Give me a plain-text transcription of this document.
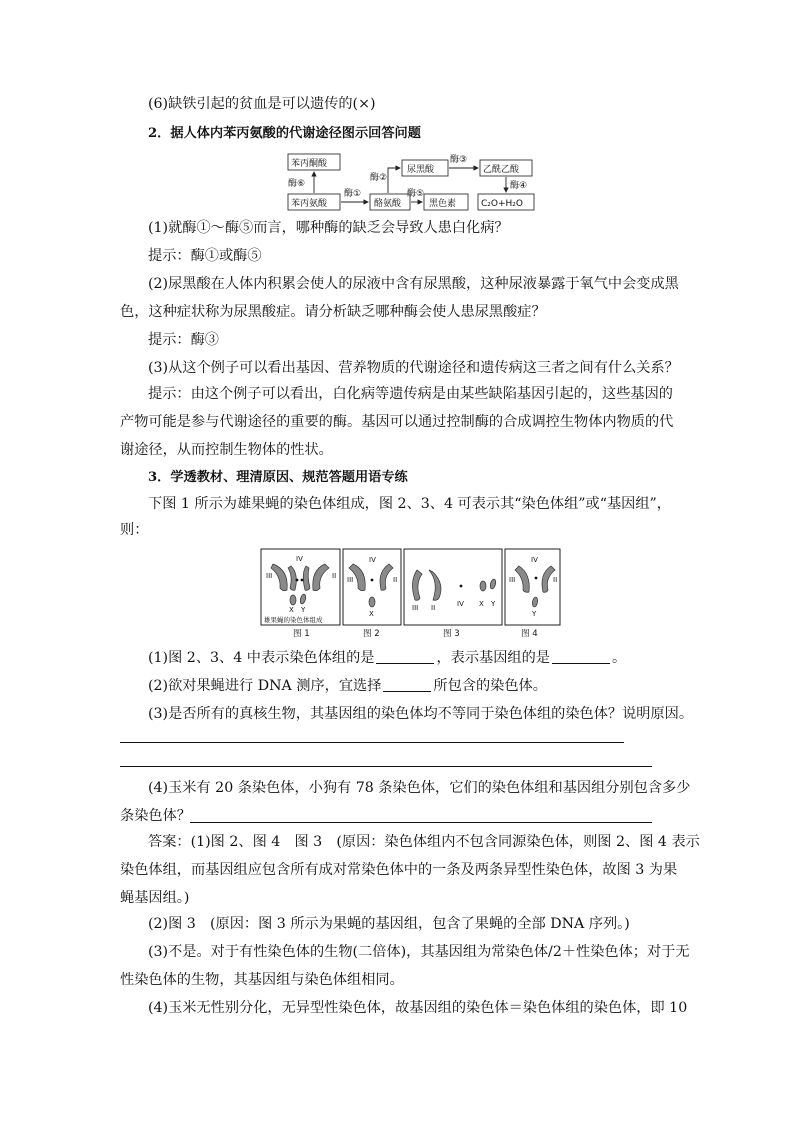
(6)缺铁引起的贫血是可以遗传的(×)
2．据人体内苯丙氨酸的代谢途径图示回答问题
苯丙酮酸
苯丙氨酸	酪氨酸
尿黑酸
黑色素
乙酰乙酸
C₂O+H₂O
酶⑥
酶①
酶②
酶⑤
酶③
酶④
(1)就酶①～酶⑤而言，哪种酶的缺乏会导致人患白化病？
提示：酶①或酶⑤
(2)尿黑酸在人体内积累会使人的尿液中含有尿黑酸，这种尿液暴露于氧气中会变成黑
色，这种症状称为尿黑酸症。请分析缺乏哪种酶会使人患尿黑酸症？
提示：酶③
(3)从这个例子可以看出基因、营养物质的代谢途径和遗传病这三者之间有什么关系？
提示：由这个例子可以看出，白化病等遗传病是由某些缺陷基因引起的，这些基因的
产物可能是参与代谢途径的重要的酶。基因可以通过控制酶的合成调控生物体内物质的代
谢途径，从而控制生物体的性状。
3．学透教材、理清原因、规范答题用语专练
下图 1 所示为雄果蝇的染色体组成，图 2、3、4 可表示其“染色体组”或“基因组”，
则：
IV
III	II
X Y
雄果蝇的染色体组成
IV
III	II
X
III II	IV X Y
IV
III	II
Y
图 1	图 2	图 3	图 4
(1)图 2、3、4 中表示染色体组的是	，表示基因组的是	。
(2)欲对果蝇进行 DNA 测序，宜选择	所包含的染色体。
(3)是否所有的真核生物，其基因组的染色体均不等同于染色体组的染色体？说明原因。
(4)玉米有 20 条染色体，小狗有 78 条染色体，它们的染色体组和基因组分别包含多少
条染色体？
答案：(1)图 2、图 4　图 3　(原因：染色体组内不包含同源染色体，则图 2、图 4 表示
染色体组，而基因组应包含所有成对常染色体中的一条及两条异型性染色体，故图 3 为果
蝇基因组。)
(2)图 3　(原因：图 3 所示为果蝇的基因组，包含了果蝇的全部 DNA 序列。)
(3)不是。对于有性染色体的生物(二倍体)，其基因组为常染色体/2＋性染色体；对于无
性染色体的生物，其基因组与染色体组相同。
(4)玉米无性别分化，无异型性染色体，故基因组的染色体＝染色体组的染色体，即 10
